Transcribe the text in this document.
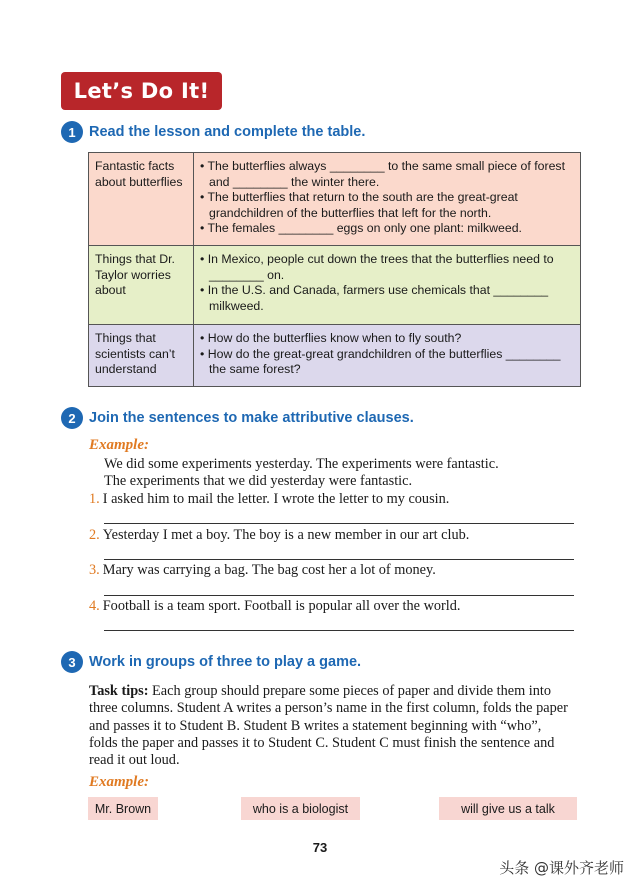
Let’s Do It!
1 Read the lesson and complete the table.
Fantastic facts about butterflies	• The butterflies always ________ to the same small piece of forest and ________ the winter there.
• The butterflies that return to the south are the great-great grandchildren of the butterflies that left for the north.
• The females ________ eggs on only one plant: milkweed.

Things that Dr. Taylor worries about	• In Mexico, people cut down the trees that the butterflies need to ________ on.
• In the U.S. and Canada, farmers use chemicals that ________ milkweed.

Things that scientists can’t understand	• How do the butterflies know when to fly south?
• How do the great-great grandchildren of the butterflies ________ the same forest?
2 Join the sentences to make attributive clauses.
Example:
We did some experiments yesterday. The experiments were fantastic.
The experiments that we did yesterday were fantastic.
1. I asked him to mail the letter. I wrote the letter to my cousin.
2. Yesterday I met a boy. The boy is a new member in our art club.
3. Mary was carrying a bag. The bag cost her a lot of money.
4. Football is a team sport. Football is popular all over the world.
3 Work in groups of three to play a game.
Task tips: Each group should prepare some pieces of paper and divide them into three columns. Student A writes a person’s name in the first column, folds the paper and passes it to Student B. Student B writes a statement beginning with “who”, folds the paper and passes it to Student C. Student C must finish the sentence and read it out loud.
Example:
Mr. Brown	who is a biologist	will give us a talk
73
头条 @课外齐老师
